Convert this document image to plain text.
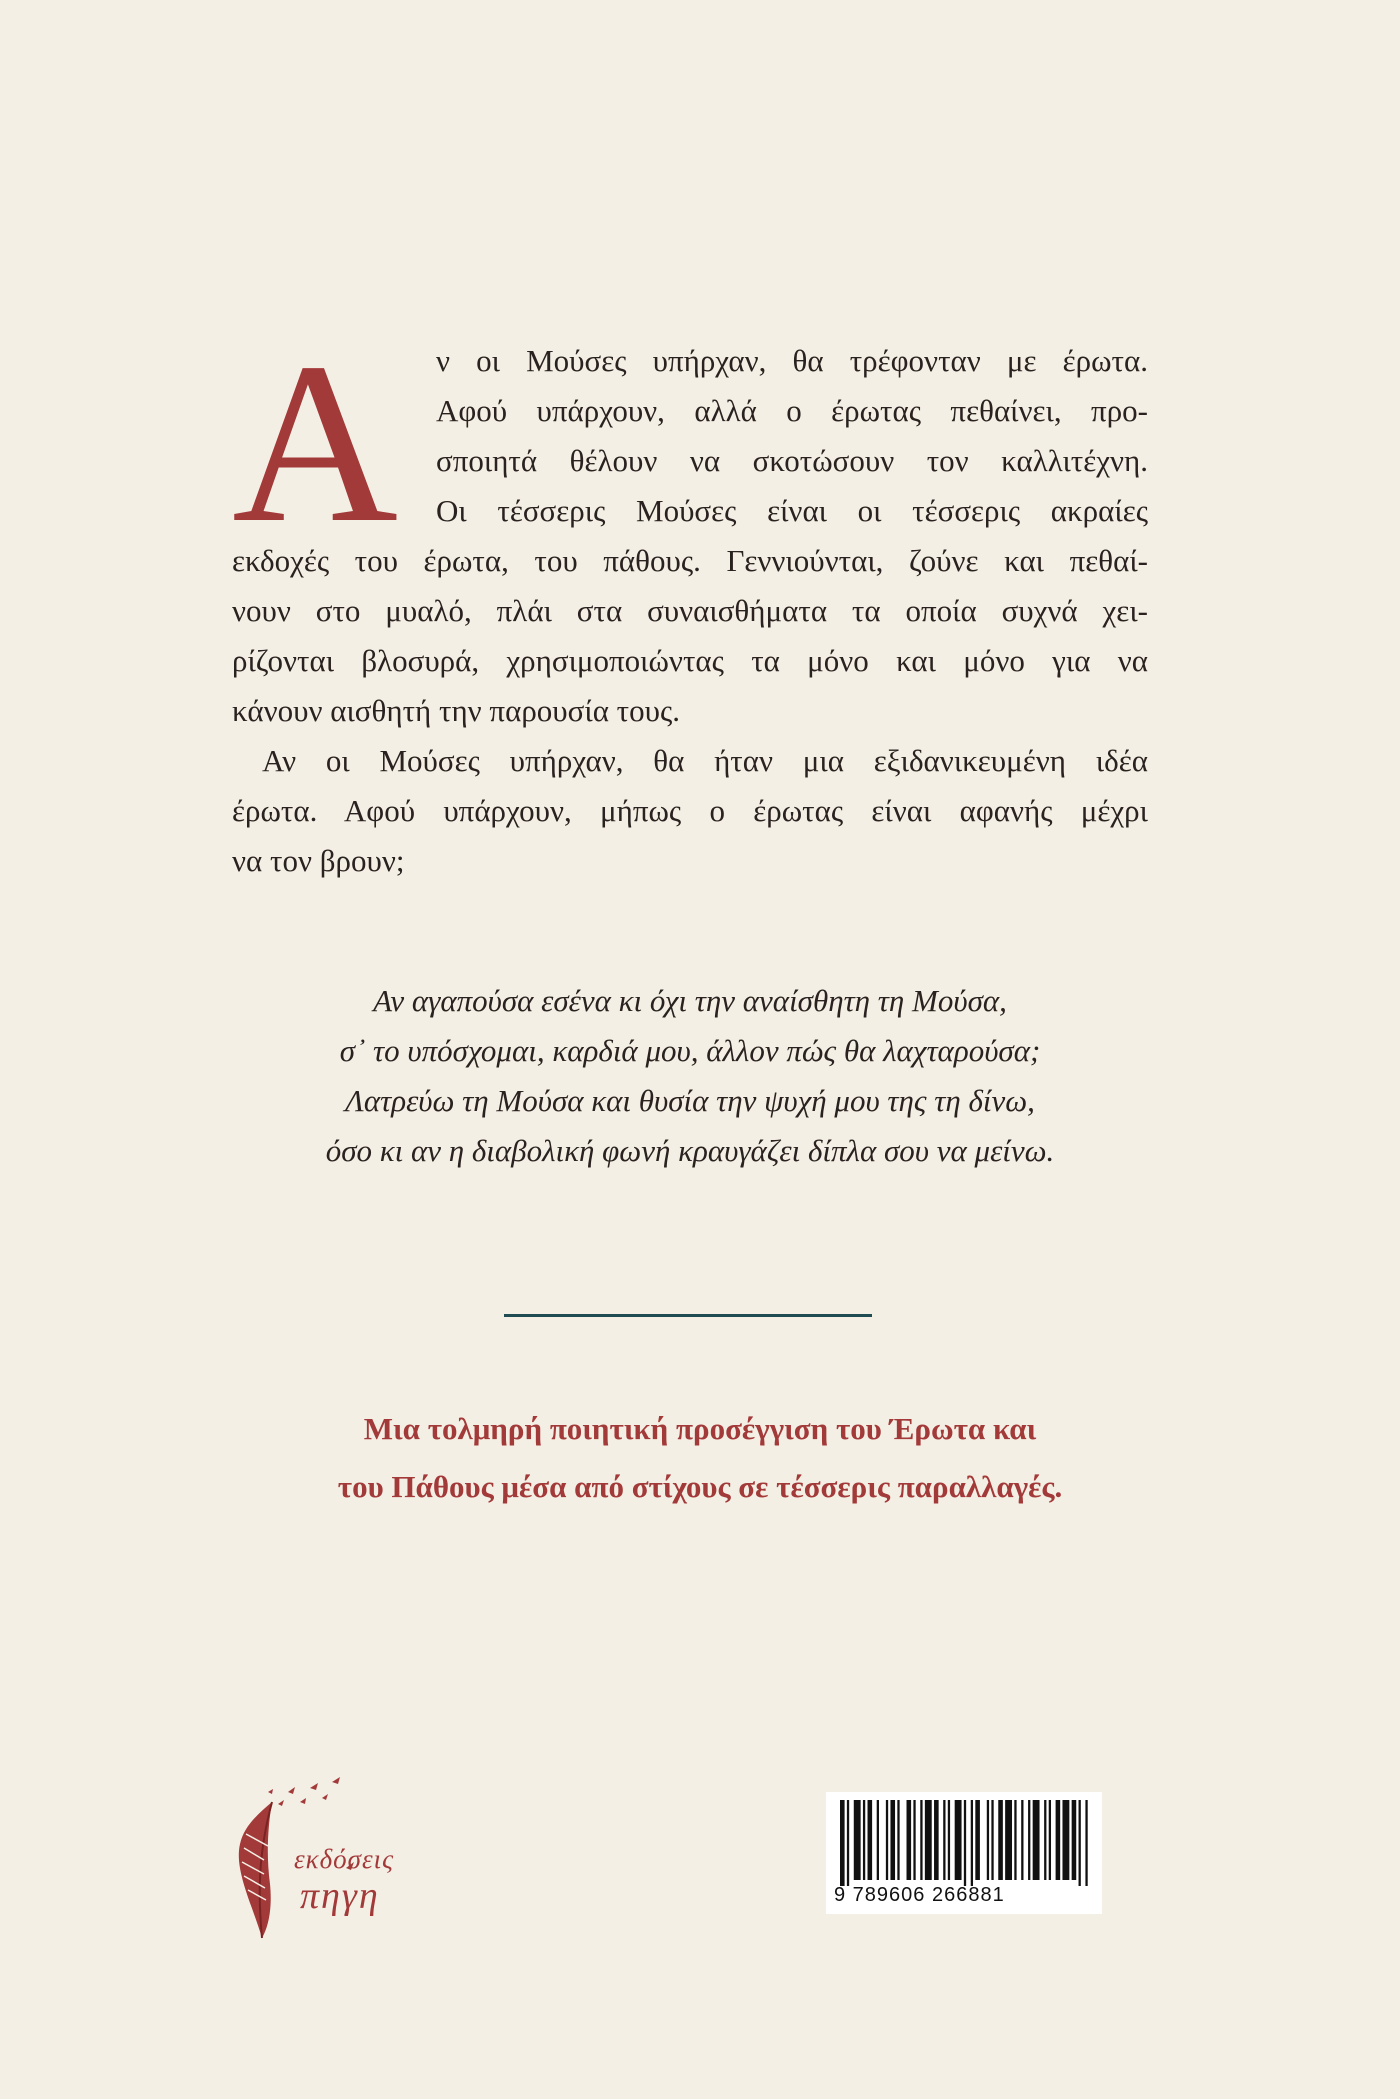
Α	ν οι Μούσες υπήρχαν, θα τρέφονταν με έρωτα.
Αφού υπάρχουν, αλλά ο έρωτας πεθαίνει, προ-
σποιητά θέλουν να σκοτώσουν τον καλλιτέχνη.
Οι τέσσερις Μούσες είναι οι τέσσερις ακραίες
εκδοχές του έρωτα, του πάθους. Γεννιούνται, ζούνε και πεθαί-
νουν στο μυαλό, πλάι στα συναισθήματα τα οποία συχνά χει-
ρίζονται βλοσυρά, χρησιμοποιώντας τα μόνο και μόνο για να
κάνουν αισθητή την παρουσία τους.
Αν οι Μούσες υπήρχαν, θα ήταν μια εξιδανικευμένη ιδέα
έρωτα. Αφού υπάρχουν, μήπως ο έρωτας είναι αφανής μέχρι
να τον βρουν;
Αν αγαπούσα εσένα κι όχι την αναίσθητη τη Μούσα,
σ᾽ το υπόσχομαι, καρδιά μου, άλλον πώς θα λαχταρούσα;
Λατρεύω τη Μούσα και θυσία την ψυχή μου της τη δίνω,
όσο κι αν η διαβολική φωνή κραυγάζει δίπλα σου να μείνω.
Μια τολμηρή ποιητική προσέγγιση του Έρωτα και
του Πάθους μέσα από στίχους σε τέσσερις παραλλαγές.
εκδόσεις
πηγη	9 789606 266881
